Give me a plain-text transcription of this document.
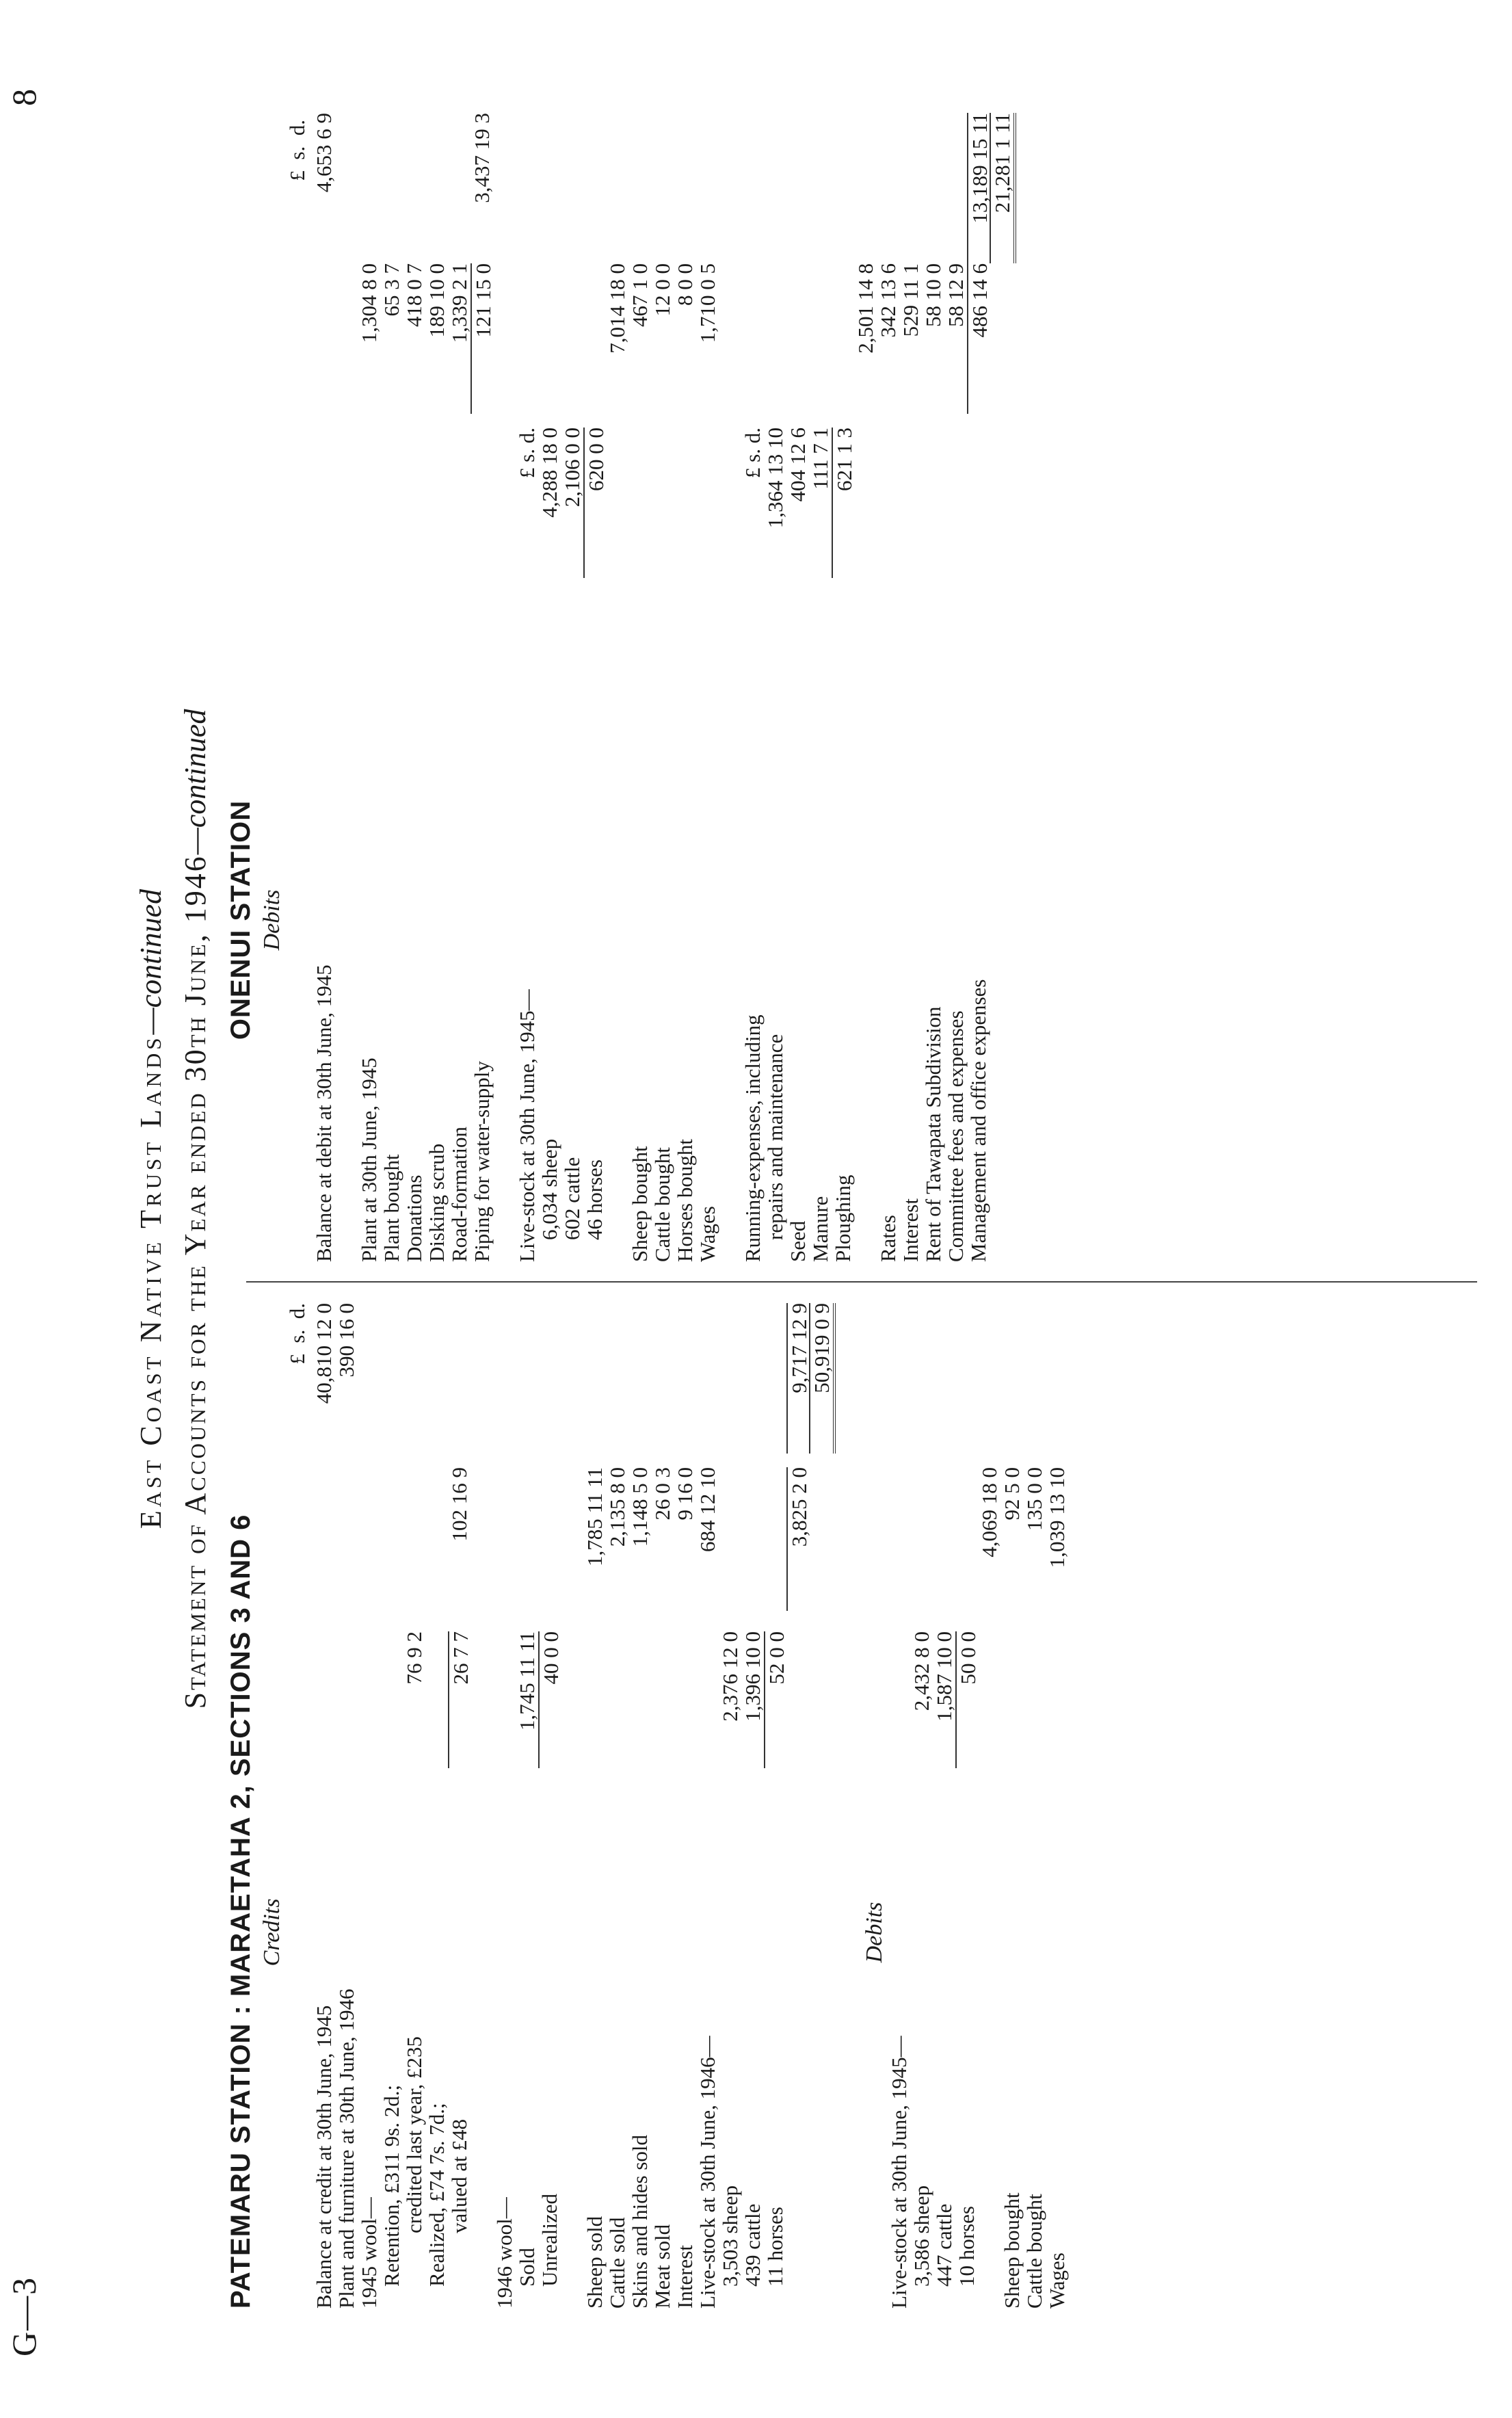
G—3
8
East Coast Native Trust Lands—continued Statement of Accounts for the Year ended 30th June, 1946—continued
PATEMARU STATION : MARAETAHA 2, SECTIONS 3 AND 6 Credits
£  s.  d.
Balance at credit at 30th June, 1945
40,810 12 0
Plant and furniture at 30th June, 1946
390 16 0
1945 wool—
Retention, £311 9s. 2d.;
credited last year, £235
76 9 2
Realized, £74 7s. 7d.;
valued at £48
26 7 7
102 16 9
1946 wool—
Sold
1,745 11 11
Unrealized
40 0 0
Sheep sold
1,785 11 11
Cattle sold
2,135 8 0
Skins and hides sold
1,148 5 0
Meat sold
26 0 3
Interest
9 16 0
Live-stock at 30th June, 1946—
684 12 10
3,503 sheep
2,376 12 0
439 cattle
1,396 10 0
11 horses
52 0 0
3,825 2 0
9,717 12 9
50,919 0 9
Debits
Live-stock at 30th June, 1945—
3,586 sheep
2,432 8 0
447 cattle
1,587 10 0
10 horses
50 0 0
4,069 18 0
Sheep bought
92 5 0
Cattle bought
135 0 0
Wages
1,039 13 10
ONENUI STATION Debits
£  s.  d.
Balance at debit at 30th June, 1945
4,653 6 9
Plant at 30th June, 1945
1,304 8 0
Plant bought
65 3 7
Donations
418 0 7
Disking scrub
189 10 0
Road-formation
1,339 2 1
Piping for water-supply
121 15 0
3,437 19 3
Live-stock at 30th June, 1945—
£ s. d.
6,034 sheep
4,288 18 0
602 cattle
2,106 0 0
46 horses
620 0 0
7,014 18 0
Sheep bought
467 1 0
Cattle bought
12 0 0
Horses bought
8 0 0
Wages
1,710 0 5
Running-expenses, including
£ s. d.
repairs and maintenance
1,364 13 10
Seed
404 12 6
Manure
111 7 1
Ploughing
621 1 3
2,501 14 8
Rates
342 13 6
Interest
529 11 1
Rent of Tawapata Subdivision
58 10 0
Committee fees and expenses
58 12 9
Management and office expenses
486 14 6
13,189 15 11
21,281 1 11
